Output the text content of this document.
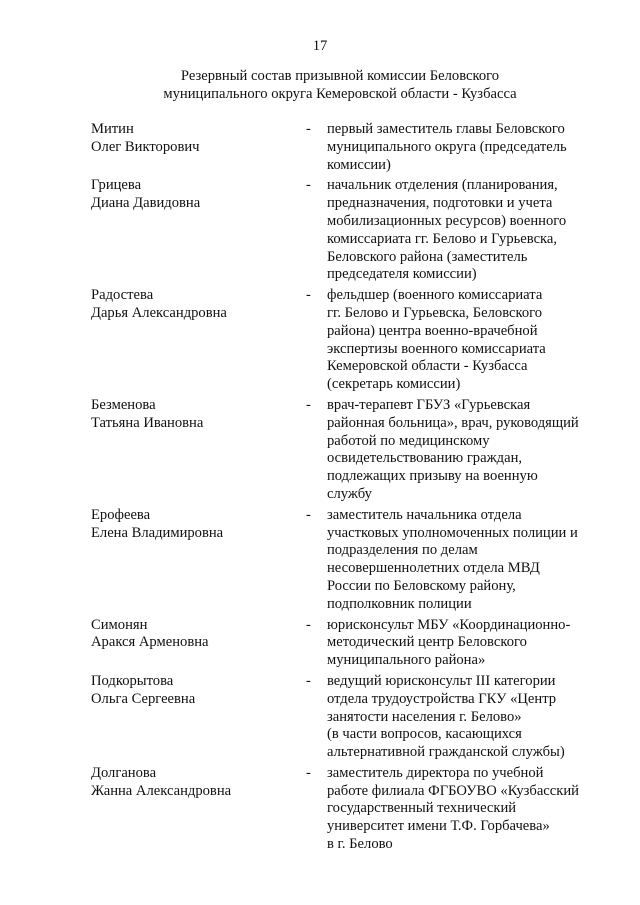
17
Резервный состав призывной комиссии Беловского
муниципального округа Кемеровской области - Кузбасса
Митин
Олег Викторович
-	первый заместитель главы Беловского
муниципального округа (председатель
комиссии)
Грицева
Диана Давидовна
-	начальник отделения (планирования,
предназначения, подготовки и учета
мобилизационных ресурсов) военного
комиссариата гг. Белово и Гурьевска,
Беловского района (заместитель
председателя комиссии)
Радостева
Дарья Александровна
-	фельдшер (военного комиссариата
гг. Белово и Гурьевска, Беловского
района) центра военно-врачебной
экспертизы военного комиссариата
Кемеровской области - Кузбасса
(секретарь комиссии)
Безменова
Татьяна Ивановна
-	врач-терапевт ГБУЗ «Гурьевская
районная больница», врач, руководящий
работой по медицинскому
освидетельствованию граждан,
подлежащих призыву на военную
службу
Ерофеева
Елена Владимировна
-	заместитель начальника отдела
участковых уполномоченных полиции и
подразделения по делам
несовершеннолетних отдела МВД
России по Беловскому району,
подполковник полиции
Симонян
Аракся Арменовна
-	юрисконсульт МБУ «Координационно-
методический центр Беловского
муниципального района»
Подкорытова
Ольга Сергеевна
-	ведущий юрисконсульт III категории
отдела трудоустройства ГКУ «Центр
занятости населения г. Белово»
(в части вопросов, касающихся
альтернативной гражданской службы)
Долганова
Жанна Александровна
-	заместитель директора по учебной
работе филиала ФГБОУВО «Кузбасский
государственный технический
университет имени Т.Ф. Горбачева»
в г. Белово
